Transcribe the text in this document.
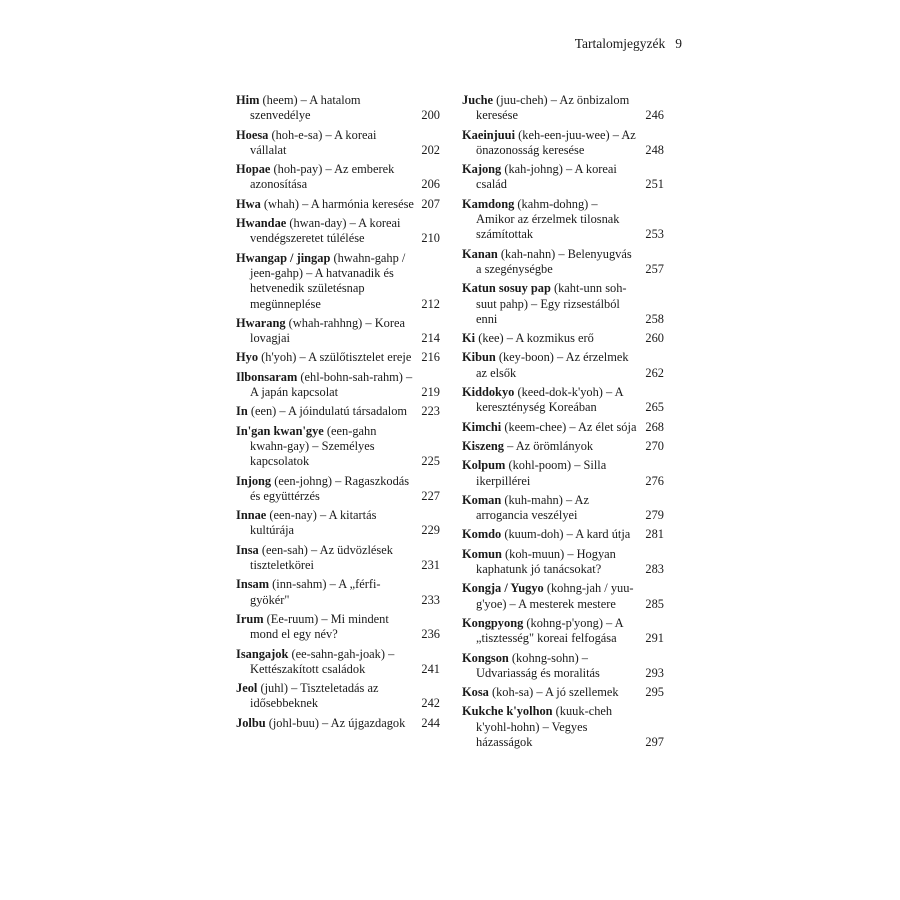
Tartalomjegyzék 9
Him (heem) – A hatalom szenvedélye	200
Hoesa (hoh-e-sa) – A koreai vállalat	202
Hopae (hoh-pay) – Az emberek azonosítása	206
Hwa (whah) – A harmónia keresése 207
Hwandae (hwan-day) – A koreai vendégszeretet túlélése	210
Hwangap / jingap (hwahn-gahp / jeen-gahp) – A hatvanadik és hetvenedik születésnap megünneplése	212
Hwarang (whah-rahhng) – Korea lovagjai	214
Hyo (h'yoh) – A szülőtisztelet ereje 216
Ilbonsaram (ehl-bohn-sah-rahm) – A japán kapcsolat	219
In (een) – A jóindulatú társadalom 223
In'gan kwan'gye (een-gahn kwahn-gay) – Személyes kapcsolatok	225
Injong (een-johng) – Ragaszkodás és együttérzés	227
Innae (een-nay) – A kitartás kultúrája	229
Insa (een-sah) – Az üdvözlések tiszteletkörei	231
Insam (inn-sahm) – A „férfi-gyökér"	233
Irum (Ee-ruum) – Mi mindent mond el egy név?	236
Isangajok (ee-sahn-gah-joak) – Kettészakított családok	241
Jeol (juhl) – Tiszteletadás az idősebbeknek	242
Jolbu (johl-buu) – Az újgazdagok 244
Juche (juu-cheh) – Az önbizalom keresése	246
Kaeinjuui (keh-een-juu-wee) – Az önazonosság keresése	248
Kajong (kah-johng) – A koreai család	251
Kamdong (kahm-dohng) – Amikor az érzelmek tilosnak számítottak	253
Kanan (kah-nahn) – Belenyugvás a szegénységbe	257
Katun sosuy pap (kaht-unn soh-suut pahp) – Egy rizsestálból enni	258
Ki (kee) – A kozmikus erő	260
Kibun (key-boon) – Az érzelmek az elsők	262
Kiddokyo (keed-dok-k'yoh) – A kereszténység Koreában	265
Kimchi (keem-chee) – Az élet sója 268
Kiszeng – Az örömlányok	270
Kolpum (kohl-poom) – Silla ikerpillérei	276
Koman (kuh-mahn) – Az arrogancia veszélyei	279
Komdo (kuum-doh) – A kard útja 281
Komun (koh-muun) – Hogyan kaphatunk jó tanácsokat?	283
Kongja / Yugyo (kohng-jah / yuu-g'yoe) – A mesterek mestere 285
Kongpyong (kohng-p'yong) – A „tisztesség" koreai felfogása 291
Kongson (kohng-sohn) – Udvariasság és moralitás	293
Kosa (koh-sa) – A jó szellemek 295
Kukche k'yolhon (kuuk-cheh k'yohl-hohn) – Vegyes házasságok	297
